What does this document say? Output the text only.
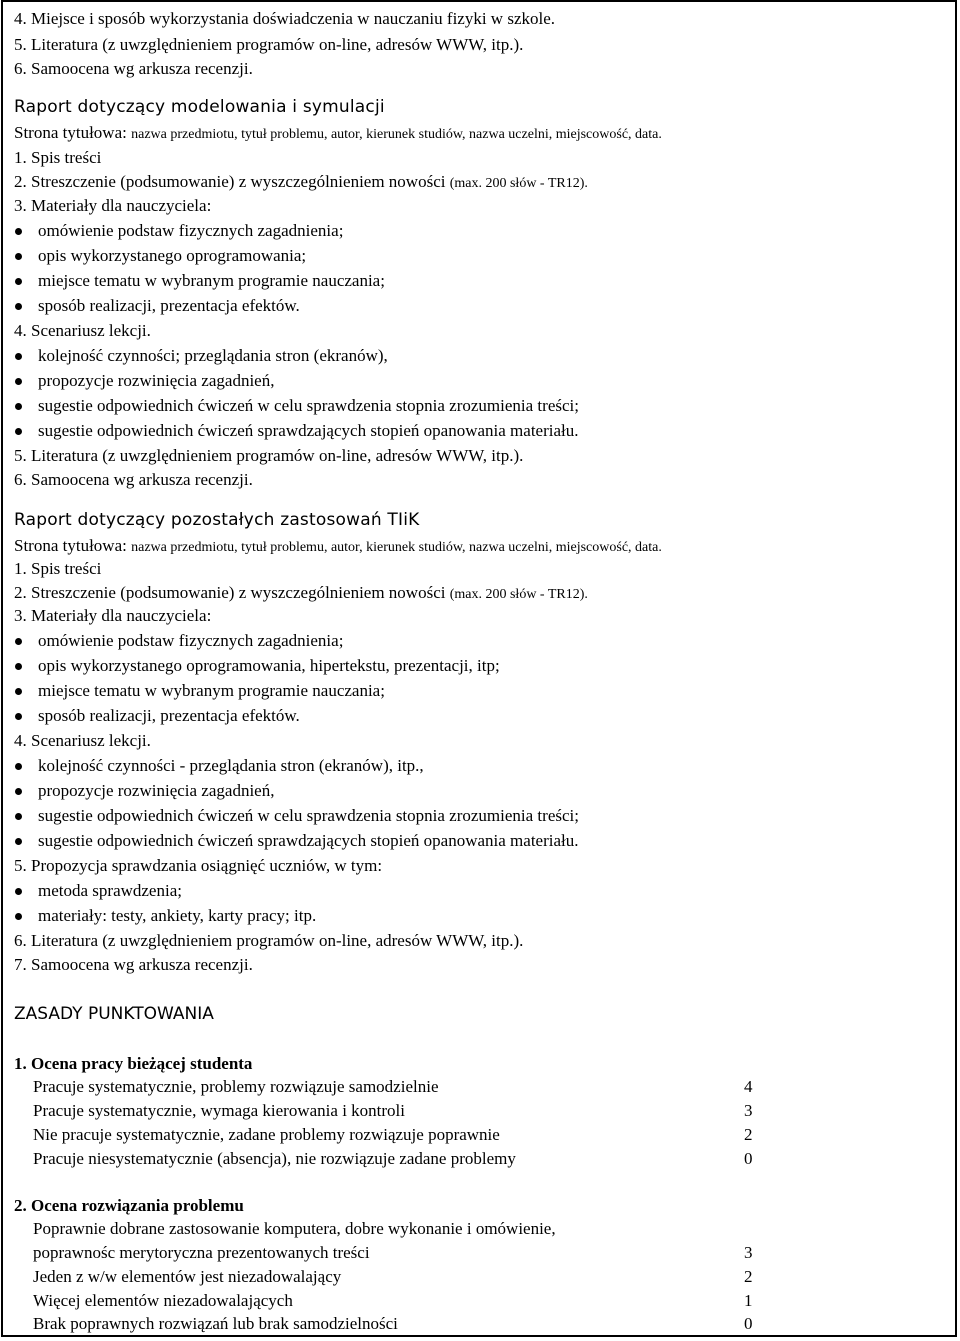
4. Miejsce i sposób wykorzystania doświadczenia w nauczaniu fizyki w szkole.
5. Literatura (z uwzględnieniem programów on-line, adresów WWW, itp.).
6. Samoocena wg arkusza recenzji.
Raport dotyczący modelowania i symulacji
Strona tytułowa: nazwa przedmiotu, tytuł problemu, autor, kierunek studiów, nazwa uczelni, miejscowość, data.
1. Spis treści
2. Streszczenie (podsumowanie) z wyszczególnieniem nowości (max. 200 słów - TR12).
3. Materiały dla nauczyciela:
omówienie podstaw fizycznych zagadnienia;
opis wykorzystanego oprogramowania;
miejsce tematu w wybranym programie nauczania;
sposób realizacji, prezentacja efektów.
4. Scenariusz lekcji.
kolejność czynności; przeglądania stron (ekranów),
propozycje rozwinięcia zagadnień,
sugestie odpowiednich ćwiczeń w celu sprawdzenia stopnia zrozumienia treści;
sugestie odpowiednich ćwiczeń sprawdzających stopień opanowania materiału.
5. Literatura (z uwzględnieniem programów on-line, adresów WWW, itp.).
6. Samoocena wg arkusza recenzji.
Raport dotyczący pozostałych zastosowań TIiK
Strona tytułowa: nazwa przedmiotu, tytuł problemu, autor, kierunek studiów, nazwa uczelni, miejscowość, data.
1. Spis treści
2. Streszczenie (podsumowanie) z wyszczególnieniem nowości (max. 200 słów - TR12).
3. Materiały dla nauczyciela:
omówienie podstaw fizycznych zagadnienia;
opis wykorzystanego oprogramowania, hipertekstu, prezentacji, itp;
miejsce tematu w wybranym programie nauczania;
sposób realizacji, prezentacja efektów.
4. Scenariusz lekcji.
kolejność czynności - przeglądania stron (ekranów), itp.,
propozycje rozwinięcia zagadnień,
sugestie odpowiednich ćwiczeń w celu sprawdzenia stopnia zrozumienia treści;
sugestie odpowiednich ćwiczeń sprawdzających stopień opanowania materiału.
5. Propozycja sprawdzania osiągnięć uczniów, w tym:
metoda sprawdzenia;
materiały: testy, ankiety, karty pracy; itp.
6. Literatura (z uwzględnieniem programów on-line, adresów WWW, itp.).
7. Samoocena wg arkusza recenzji.
ZASADY PUNKTOWANIA
1. Ocena pracy bieżącej studenta
Pracuje systematycznie, problemy rozwiązuje samodzielnie	4
Pracuje systematycznie, wymaga kierowania i kontroli	3
Nie pracuje systematycznie, zadane problemy rozwiązuje poprawnie	2
Pracuje niesystematycznie (absencja), nie rozwiązuje zadane problemy	0
2. Ocena rozwiązania problemu
Poprawnie dobrane zastosowanie komputera, dobre wykonanie i omówienie,
poprawnośc merytoryczna prezentowanych treści	3
Jeden z w/w elementów jest niezadowalający	2
Więcej elementów niezadowalających	1
Brak poprawnych rozwiązań lub brak samodzielności	0
